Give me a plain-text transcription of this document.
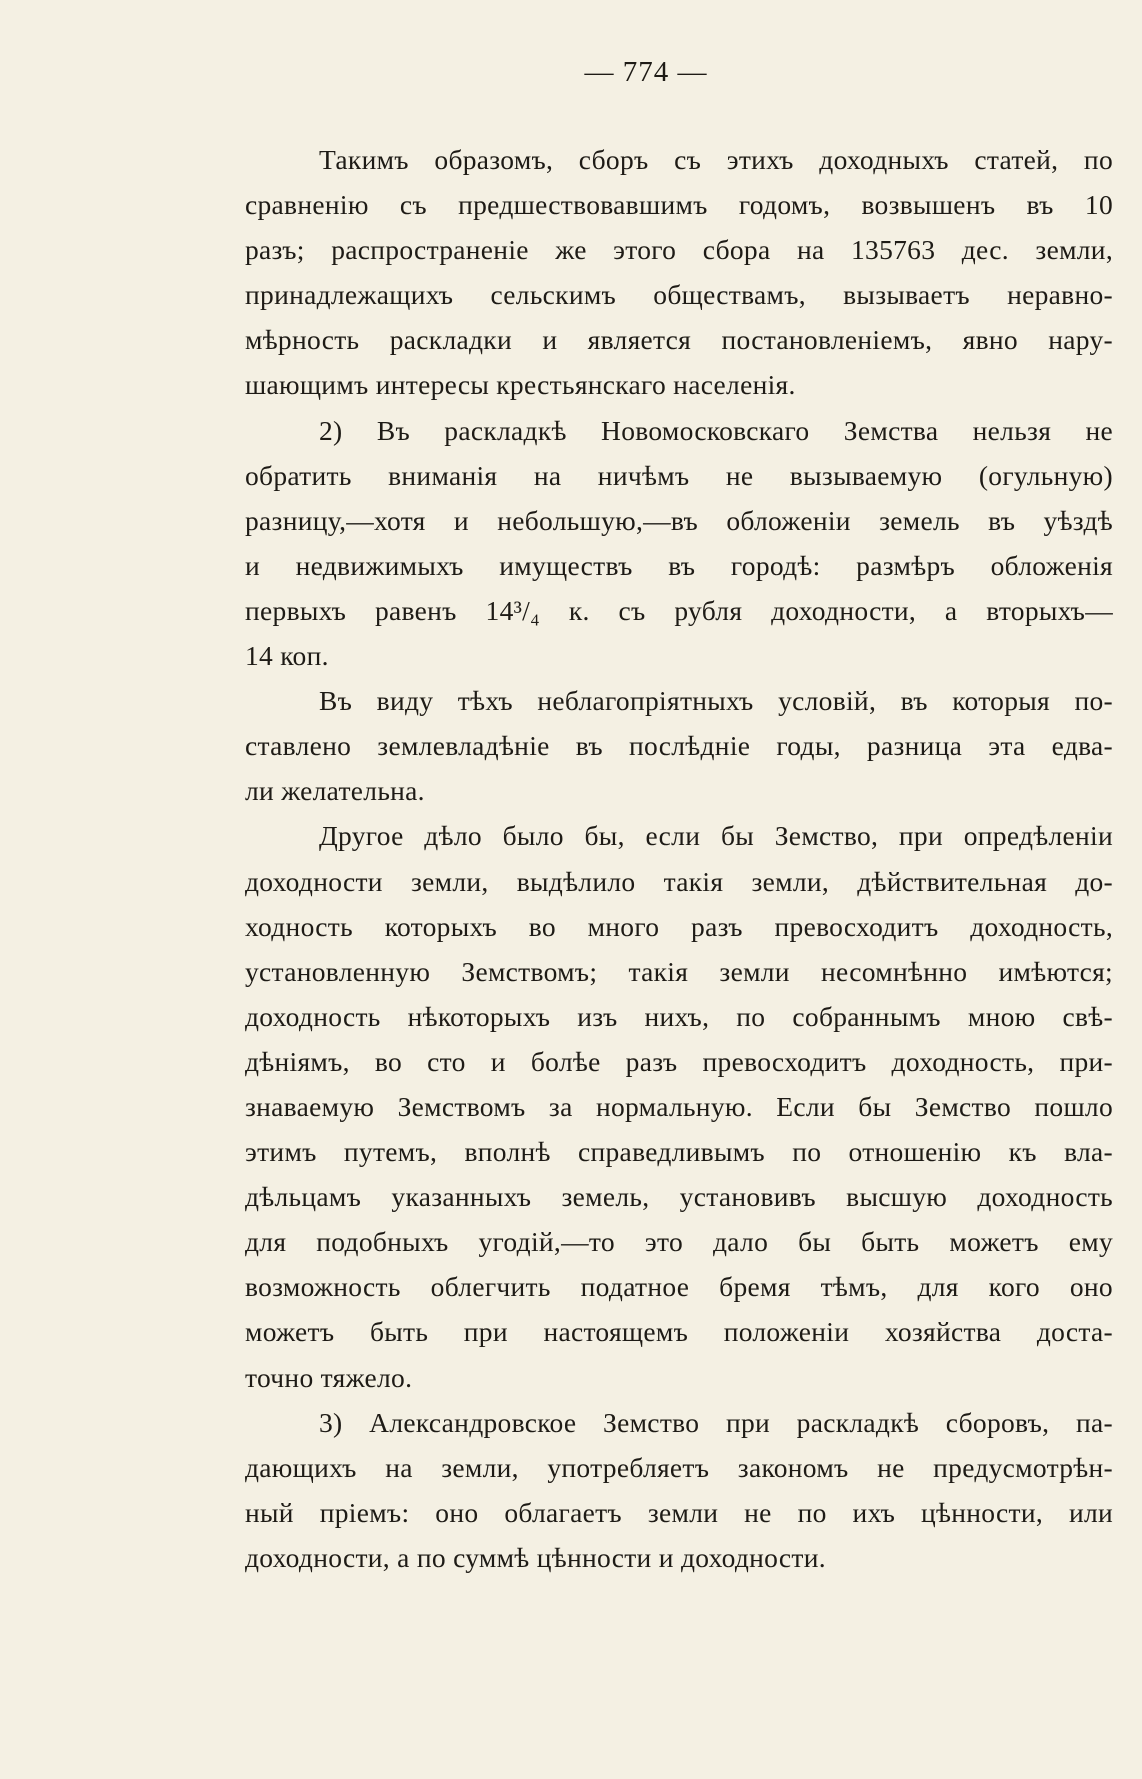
— 774 —
Такимъ образомъ, сборъ съ этихъ доходныхъ статей, по
сравненію съ предшествовавшимъ годомъ, возвышенъ въ 10
разъ; распространеніе же этого сбора на 135763 дес. земли,
принадлежащихъ сельскимъ обществамъ, вызываетъ неравно-
мѣрность раскладки и является постановленіемъ, явно нару-
шающимъ интересы крестьянскаго населенія.
2) Въ раскладкѣ Новомосковскаго Земства нельзя не
обратить вниманія на ничѣмъ не вызываемую (огульную)
разницу,—хотя и небольшую,—въ обложеніи земель въ уѣздѣ
и недвижимыхъ имуществъ въ городѣ: размѣръ обложенія
первыхъ равенъ 14³/₄ к. съ рубля доходности, а вторыхъ—
14 коп.
Въ виду тѣхъ неблагопріятныхъ условій, въ которыя по-
ставлено землевладѣніе въ послѣдніе годы, разница эта едва-
ли желательна.
Другое дѣло было бы, если бы Земство, при опредѣленіи
доходности земли, выдѣлило такія земли, дѣйствительная до-
ходность которыхъ во много разъ превосходитъ доходность,
установленную Земствомъ; такія земли несомнѣнно имѣются;
доходность нѣкоторыхъ изъ нихъ, по собраннымъ мною свѣ-
дѣніямъ, во сто и болѣе разъ превосходитъ доходность, при-
знаваемую Земствомъ за нормальную. Если бы Земство пошло
этимъ путемъ, вполнѣ справедливымъ по отношенію къ вла-
дѣльцамъ указанныхъ земель, установивъ высшую доходность
для подобныхъ угодій,—то это дало бы быть можетъ ему
возможность облегчить податное бремя тѣмъ, для кого оно
можетъ быть при настоящемъ положеніи хозяйства доста-
точно тяжело.
3) Александровское Земство при раскладкѣ сборовъ, па-
дающихъ на земли, употребляетъ закономъ не предусмотрѣн-
ный пріемъ: оно облагаетъ земли не по ихъ цѣнности, или
доходности, а по суммѣ цѣнности и доходности.
